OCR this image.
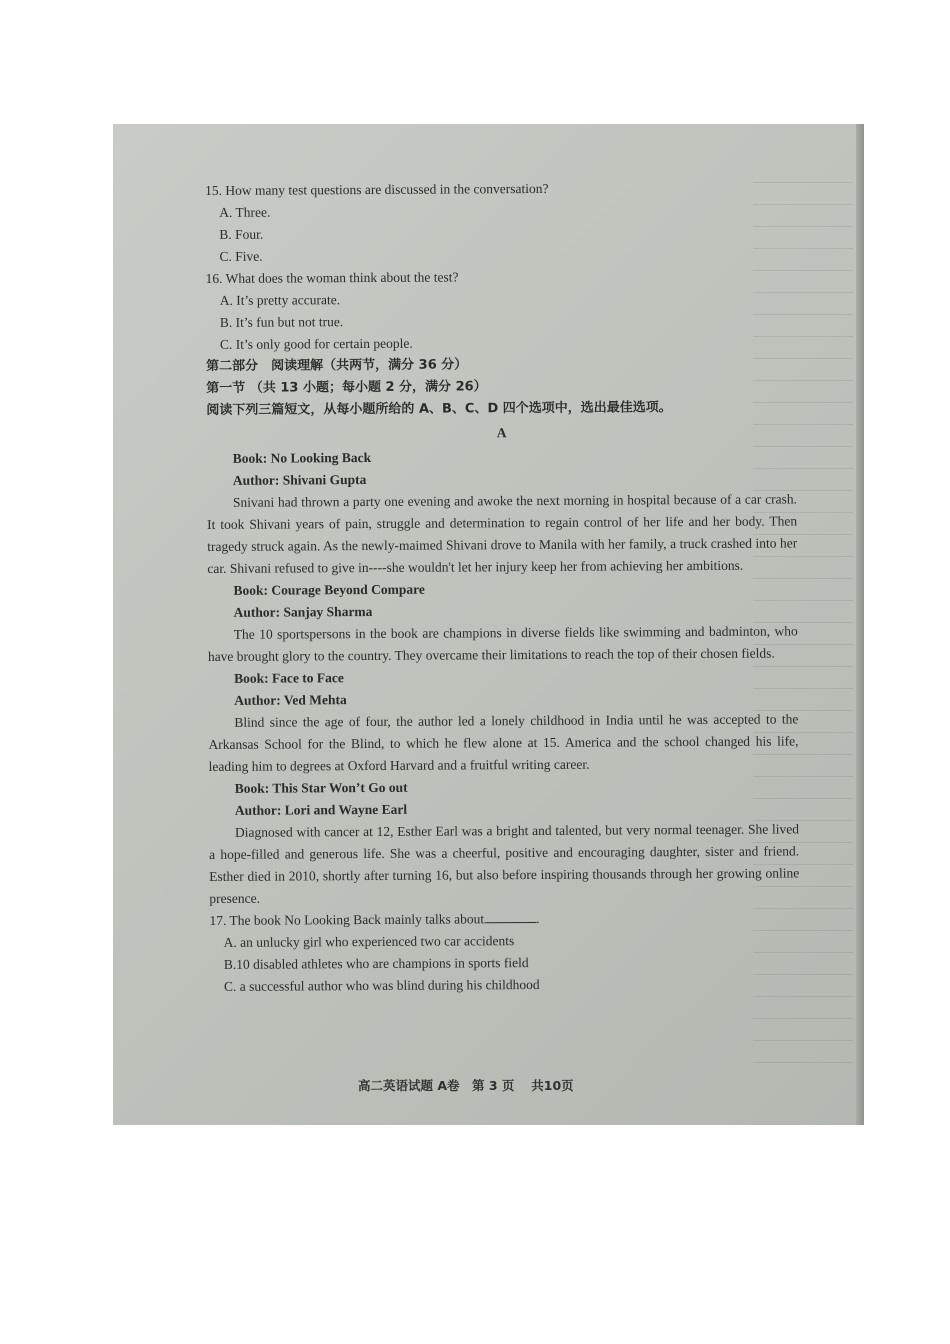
15. How many test questions are discussed in the conversation?

A. Three.

B. Four.

C. Five.

16. What does the woman think about the test?

A. It’s pretty accurate.

B. It’s fun but not true.

C. It’s only good for certain people.

第二部分　阅读理解（共两节，满分 36 分）

第一节 （共 13 小题；每小题 2 分，满分 26）

阅读下列三篇短文，从每小题所给的 A、B、C、D 四个选项中，选出最佳选项。

A

Book: No Looking Back

Author: Shivani Gupta

Snivani had thrown a party one evening and awoke the next morning in hospital because of a car crash. It took Shivani years of pain, struggle and determination to regain control of her life and her body. Then tragedy struck again. As the newly-maimed Shivani drove to Manila with her family, a truck crashed into her car. Shivani refused to give in----she wouldn't let her injury keep her from achieving her ambitions.

Book: Courage Beyond Compare

Author: Sanjay Sharma

The 10 sportspersons in the book are champions in diverse fields like swimming and badminton, who have brought glory to the country. They overcame their limitations to reach the top of their chosen fields.

Book: Face to Face

Author: Ved Mehta

Blind since the age of four, the author led a lonely childhood in India until he was accepted to the Arkansas School for the Blind, to which he flew alone at 15. America and the school changed his life, leading him to degrees at Oxford Harvard and a fruitful writing career.

Book: This Star Won’t Go out

Author: Lori and Wayne Earl

Diagnosed with cancer at 12, Esther Earl was a bright and talented, but very normal teenager. She lived a hope-filled and generous life. She was a cheerful, positive and encouraging daughter, sister and friend. Esther died in 2010, shortly after turning 16, but also before inspiring thousands through her growing online presence.

17. The book No Looking Back mainly talks about	.

A. an unlucky girl who experienced two car accidents

B.10 disabled athletes who are champions in sports field

C. a successful author who was blind during his childhood

高二英语试题 A卷　第 3 页　 共10页
